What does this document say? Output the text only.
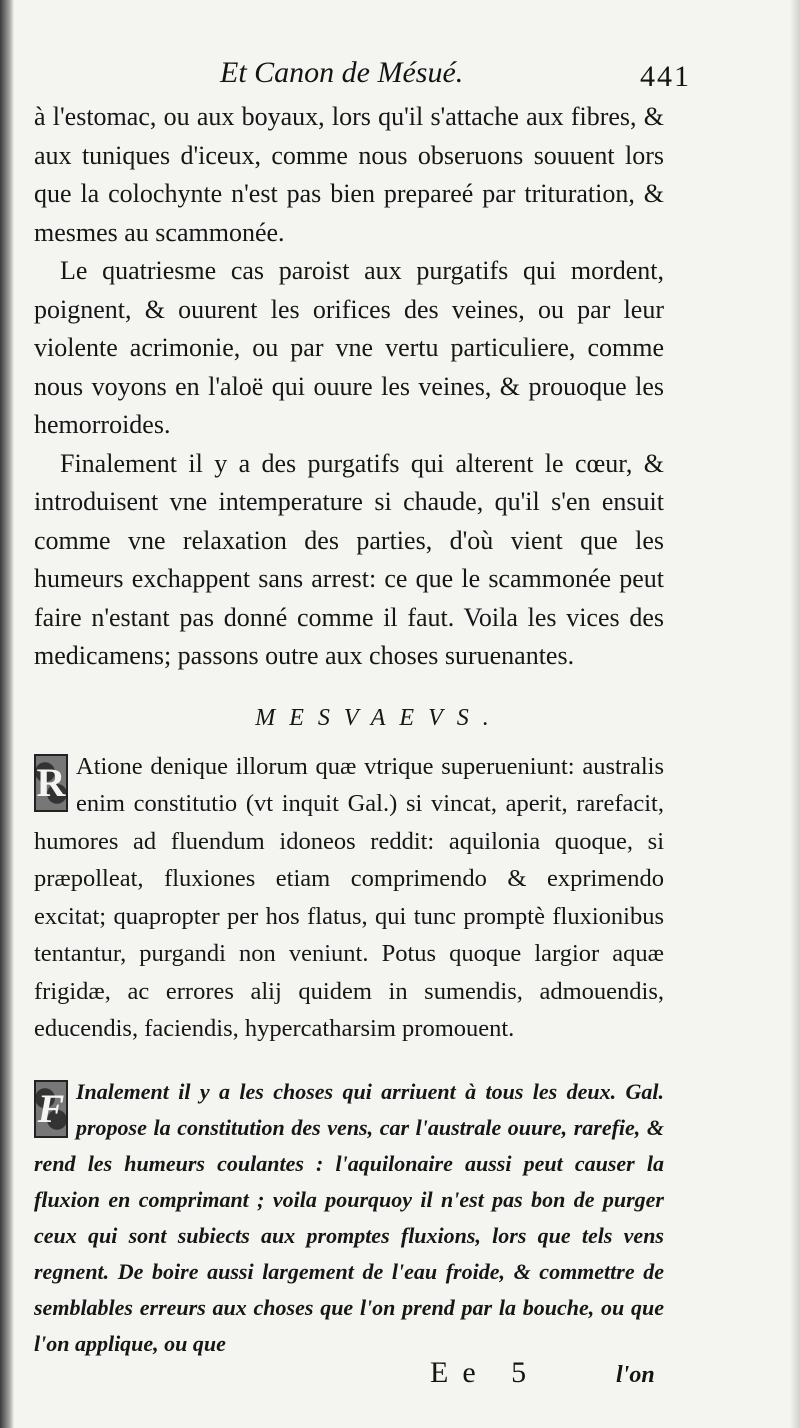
Et Canon de Mésué.	441

à l'estomac, ou aux boyaux, lors qu'il s'attache aux fibres, & aux tuniques d'iceux, comme nous obseruons souuent lors que la colochynte n'est pas bien prepareé par trituration, & mesmes au scammonée.

Le quatriesme cas paroist aux purgatifs qui mordent, poignent, & ouurent les orifices des veines, ou par leur violente acrimonie, ou par vne vertu particuliere, comme nous voyons en l'aloë qui ouure les veines, & prouoque les hemorroides.

Finalement il y a des purgatifs qui alterent le cœur, & introduisent vne intemperature si chaude, qu'il s'en ensuit comme vne relaxation des parties, d'où vient que les humeurs exchappent sans arrest: ce que le scammonée peut faire n'estant pas donné comme il faut. Voila les vices des medicamens; passons outre aux choses suruenantes.

MESVAEVS.

R Atione denique illorum quæ vtrique superueniunt: australis enim constitutio (vt inquit Gal.) si vincat, aperit, rarefacit, humores ad fluendum idoneos reddit: aquilonia quoque, si præpolleat, fluxiones etiam comprimendo & exprimendo excitat; quapropter per hos flatus, qui tunc promptè fluxionibus tentantur, purgandi non veniunt. Potus quoque largior aquæ frigidæ, ac errores alij quidem in sumendis, admouendis, educendis, faciendis, hypercatharsim promouent.

F Inalement il y a les choses qui arriuent à tous les deux. Gal. propose la constitution des vens, car l'australe ouure, rarefie, & rend les humeurs coulantes : l'aquilonaire aussi peut causer la fluxion en comprimant ; voila pourquoy il n'est pas bon de purger ceux qui sont subiects aux promptes fluxions, lors que tels vens regnent. De boire aussi largement de l'eau froide, & commettre de semblables erreurs aux choses que l'on prend par la bouche, ou que l'on applique, ou que

Ee 5	l'on
